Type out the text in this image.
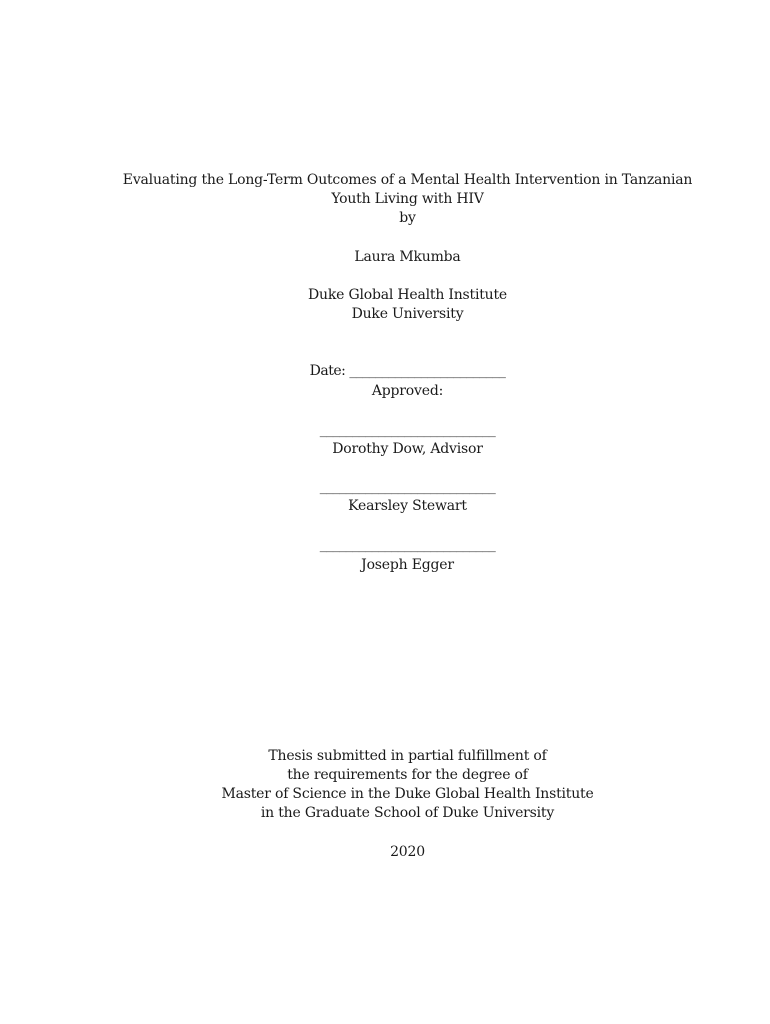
Evaluating the Long-Term Outcomes of a Mental Health Intervention in Tanzanian
Youth Living with HIV
by
Laura Mkumba
Duke Global Health Institute
Duke University
Date: ________________________
Approved:
___________________________
Dorothy Dow, Advisor
___________________________
Kearsley Stewart
___________________________
Joseph Egger
Thesis submitted in partial fulfillment of
the requirements for the degree of
Master of Science in the Duke Global Health Institute
in the Graduate School of Duke University
2020
